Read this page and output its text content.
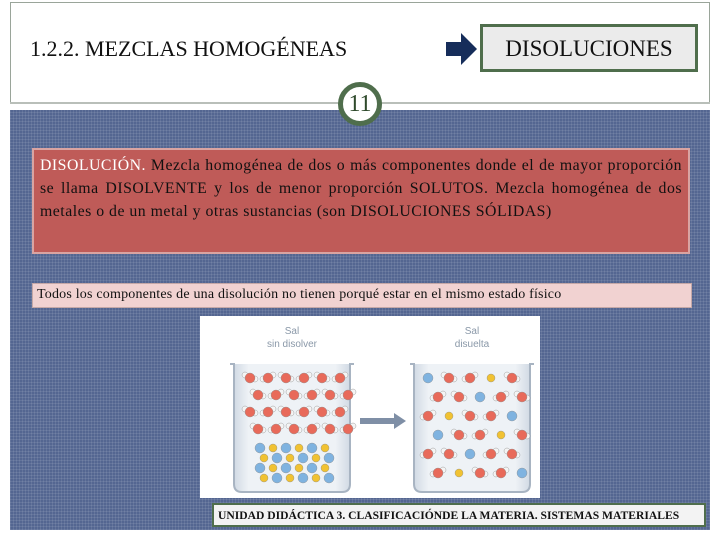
1.2.2. MEZCLAS HOMOGÉNEAS	DISOLUCIONES
11

DISOLUCIÓN. Mezcla homogénea de dos o más componentes donde el de mayor proporción se llama DISOLVENTE y los de menor proporción SOLUTOS. Mezcla homogénea de dos metales o de un metal y otras sustancias (son DISOLUCIONES SÓLIDAS)

Todos los componentes de una disolución no tienen porqué estar en el mismo estado físico
Sal
sin disolver
Sal
disuelta
UNIDAD DIDÁCTICA 3. CLASIFICACIÓNDE LA MATERIA. SISTEMAS MATERIALES
